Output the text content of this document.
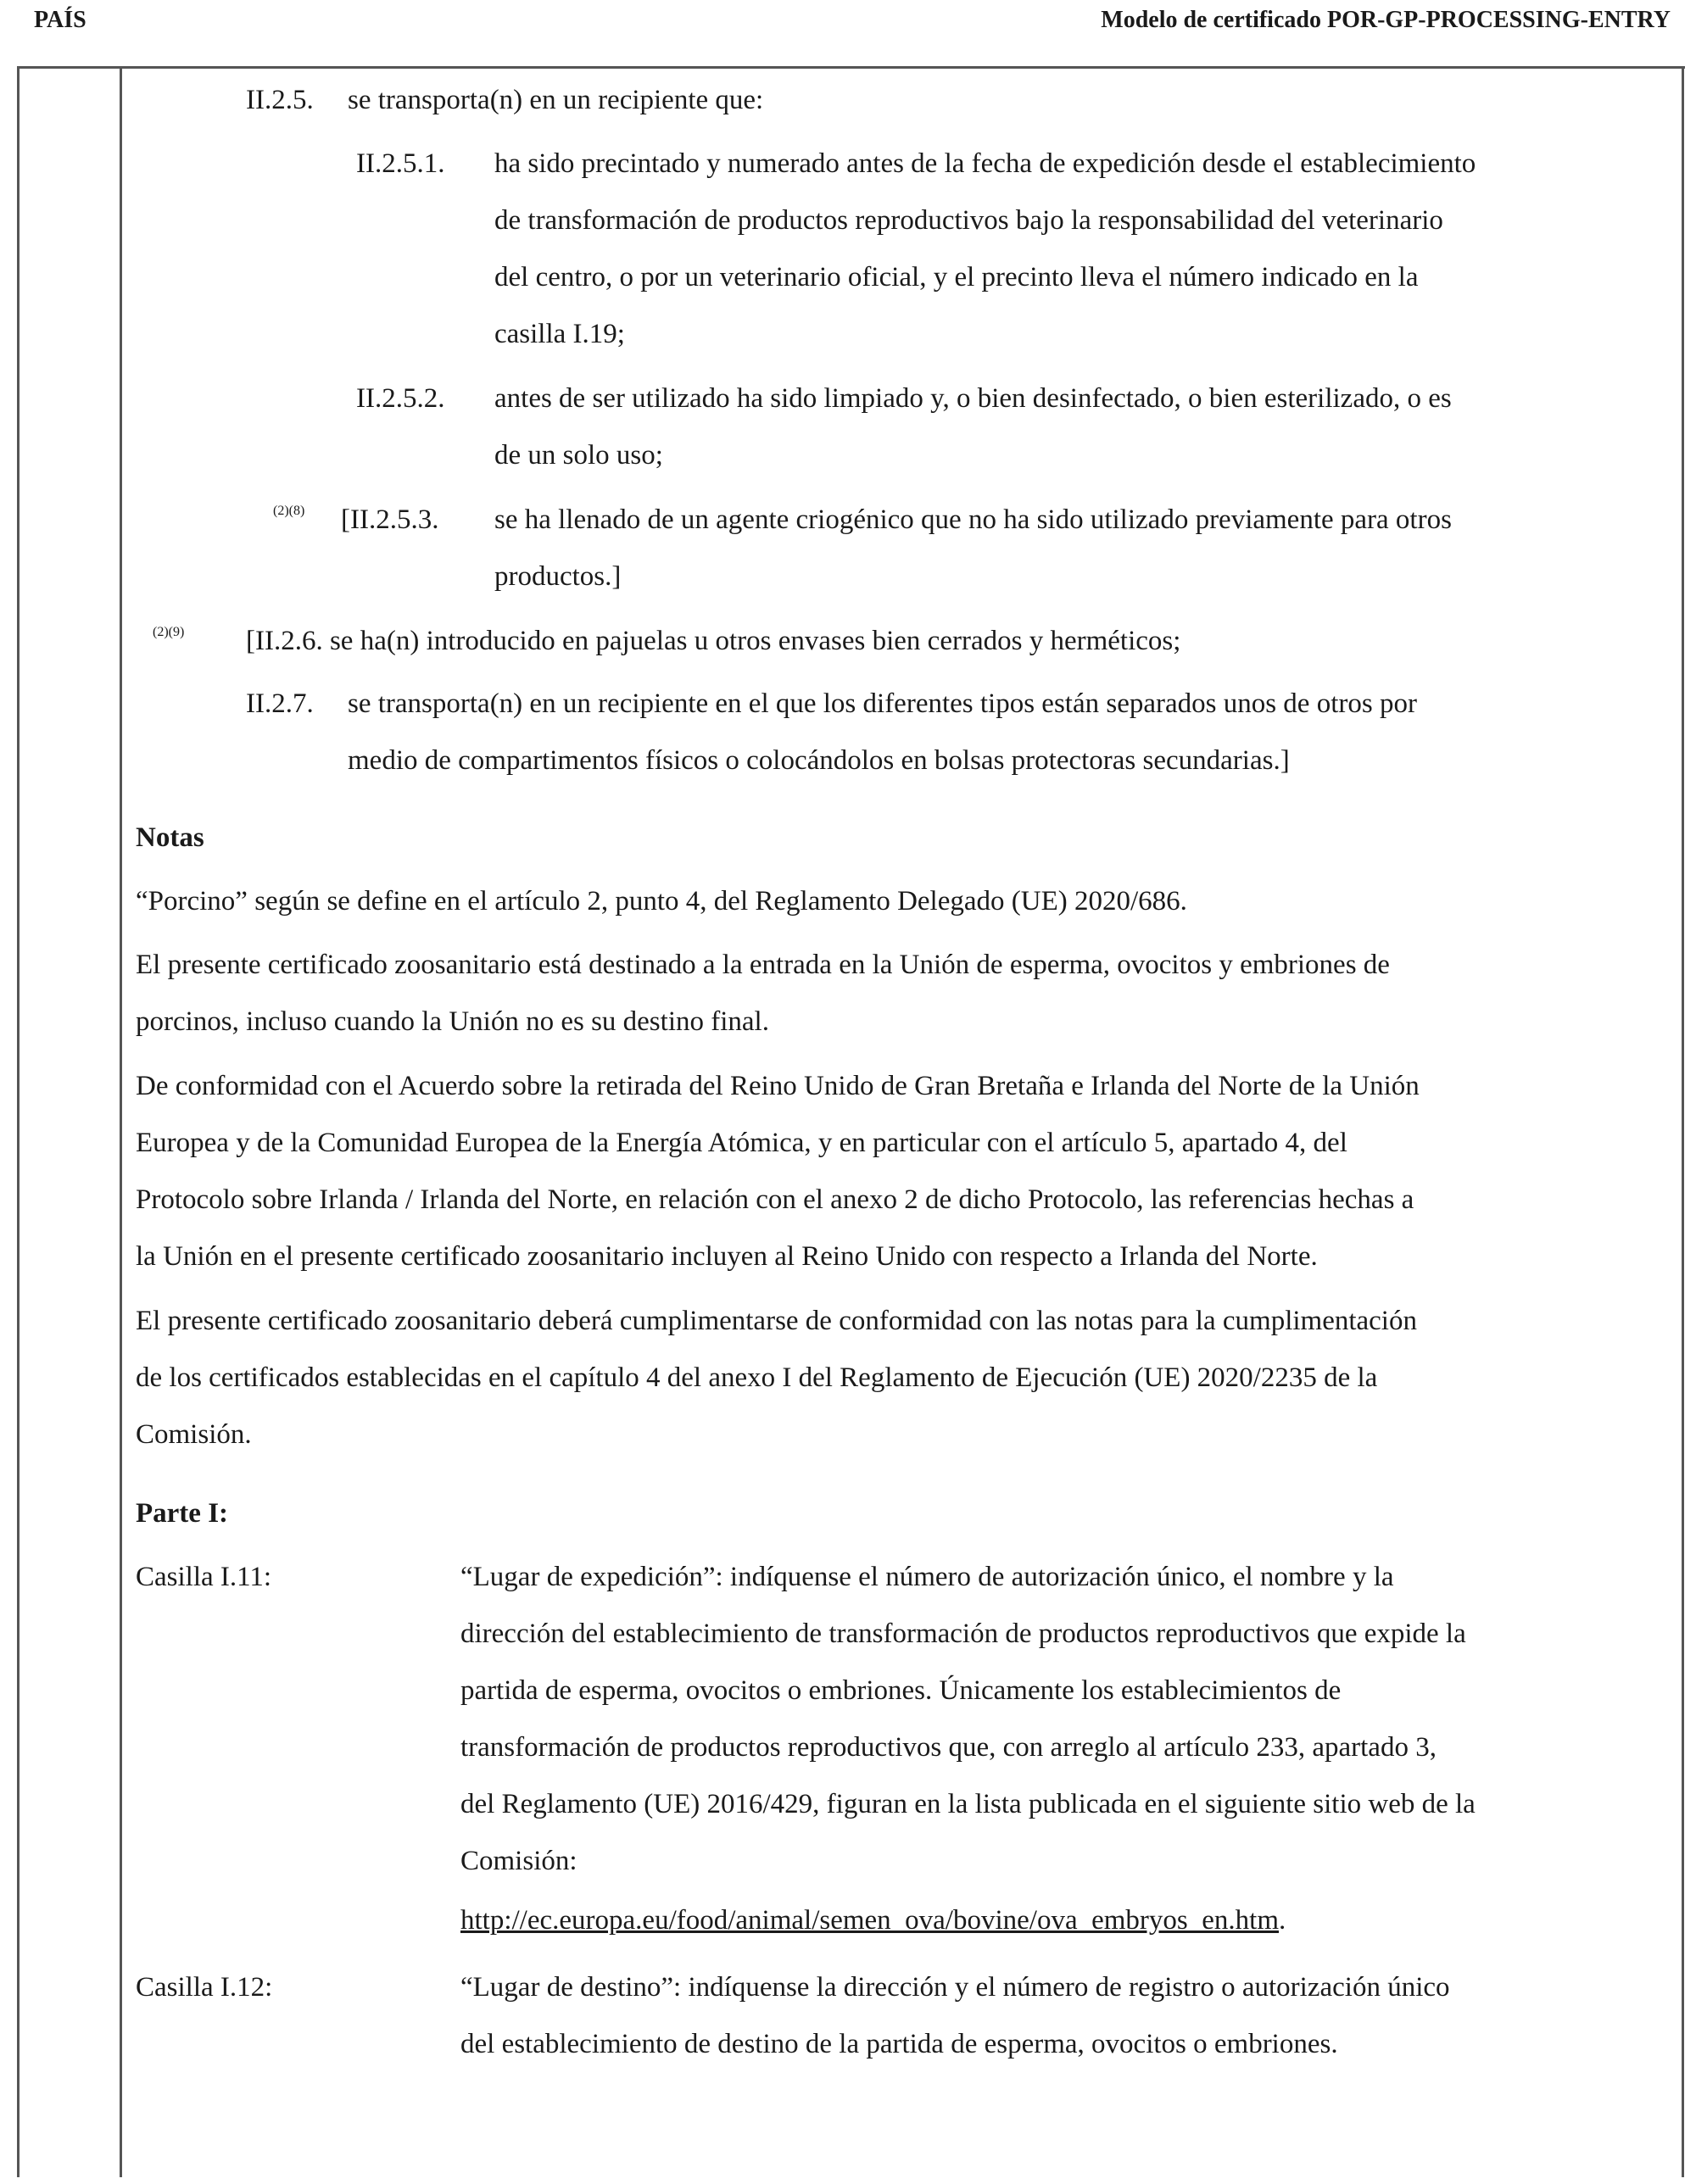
PAÍS	Modelo de certificado POR-GP-PROCESSING-ENTRY
II.2.5. se transporta(n) en un recipiente que:
II.2.5.1. ha sido precintado y numerado antes de la fecha de expedición desde el establecimiento
de transformación de productos reproductivos bajo la responsabilidad del veterinario
del centro, o por un veterinario oficial, y el precinto lleva el número indicado en la
casilla I.19;
II.2.5.2. antes de ser utilizado ha sido limpiado y, o bien desinfectado, o bien esterilizado, o es
de un solo uso;
(2)(8) [II.2.5.3. se ha llenado de un agente criogénico que no ha sido utilizado previamente para otros
productos.]
(2)(9) [II.2.6. se ha(n) introducido en pajuelas u otros envases bien cerrados y herméticos;
II.2.7. se transporta(n) en un recipiente en el que los diferentes tipos están separados unos de otros por
medio de compartimentos físicos o colocándolos en bolsas protectoras secundarias.]
Notas
“Porcino” según se define en el artículo 2, punto 4, del Reglamento Delegado (UE) 2020/686.
El presente certificado zoosanitario está destinado a la entrada en la Unión de esperma, ovocitos y embriones de
porcinos, incluso cuando la Unión no es su destino final.
De conformidad con el Acuerdo sobre la retirada del Reino Unido de Gran Bretaña e Irlanda del Norte de la Unión
Europea y de la Comunidad Europea de la Energía Atómica, y en particular con el artículo 5, apartado 4, del
Protocolo sobre Irlanda / Irlanda del Norte, en relación con el anexo 2 de dicho Protocolo, las referencias hechas a
la Unión en el presente certificado zoosanitario incluyen al Reino Unido con respecto a Irlanda del Norte.
El presente certificado zoosanitario deberá cumplimentarse de conformidad con las notas para la cumplimentación
de los certificados establecidas en el capítulo 4 del anexo I del Reglamento de Ejecución (UE) 2020/2235 de la
Comisión.
Parte I:
Casilla I.11:	“Lugar de expedición”: indíquense el número de autorización único, el nombre y la
dirección del establecimiento de transformación de productos reproductivos que expide la
partida de esperma, ovocitos o embriones. Únicamente los establecimientos de
transformación de productos reproductivos que, con arreglo al artículo 233, apartado 3,
del Reglamento (UE) 2016/429, figuran en la lista publicada en el siguiente sitio web de la
Comisión:
http://ec.europa.eu/food/animal/semen_ova/bovine/ova_embryos_en.htm.
Casilla I.12:	“Lugar de destino”: indíquense la dirección y el número de registro o autorización único
del establecimiento de destino de la partida de esperma, ovocitos o embriones.
